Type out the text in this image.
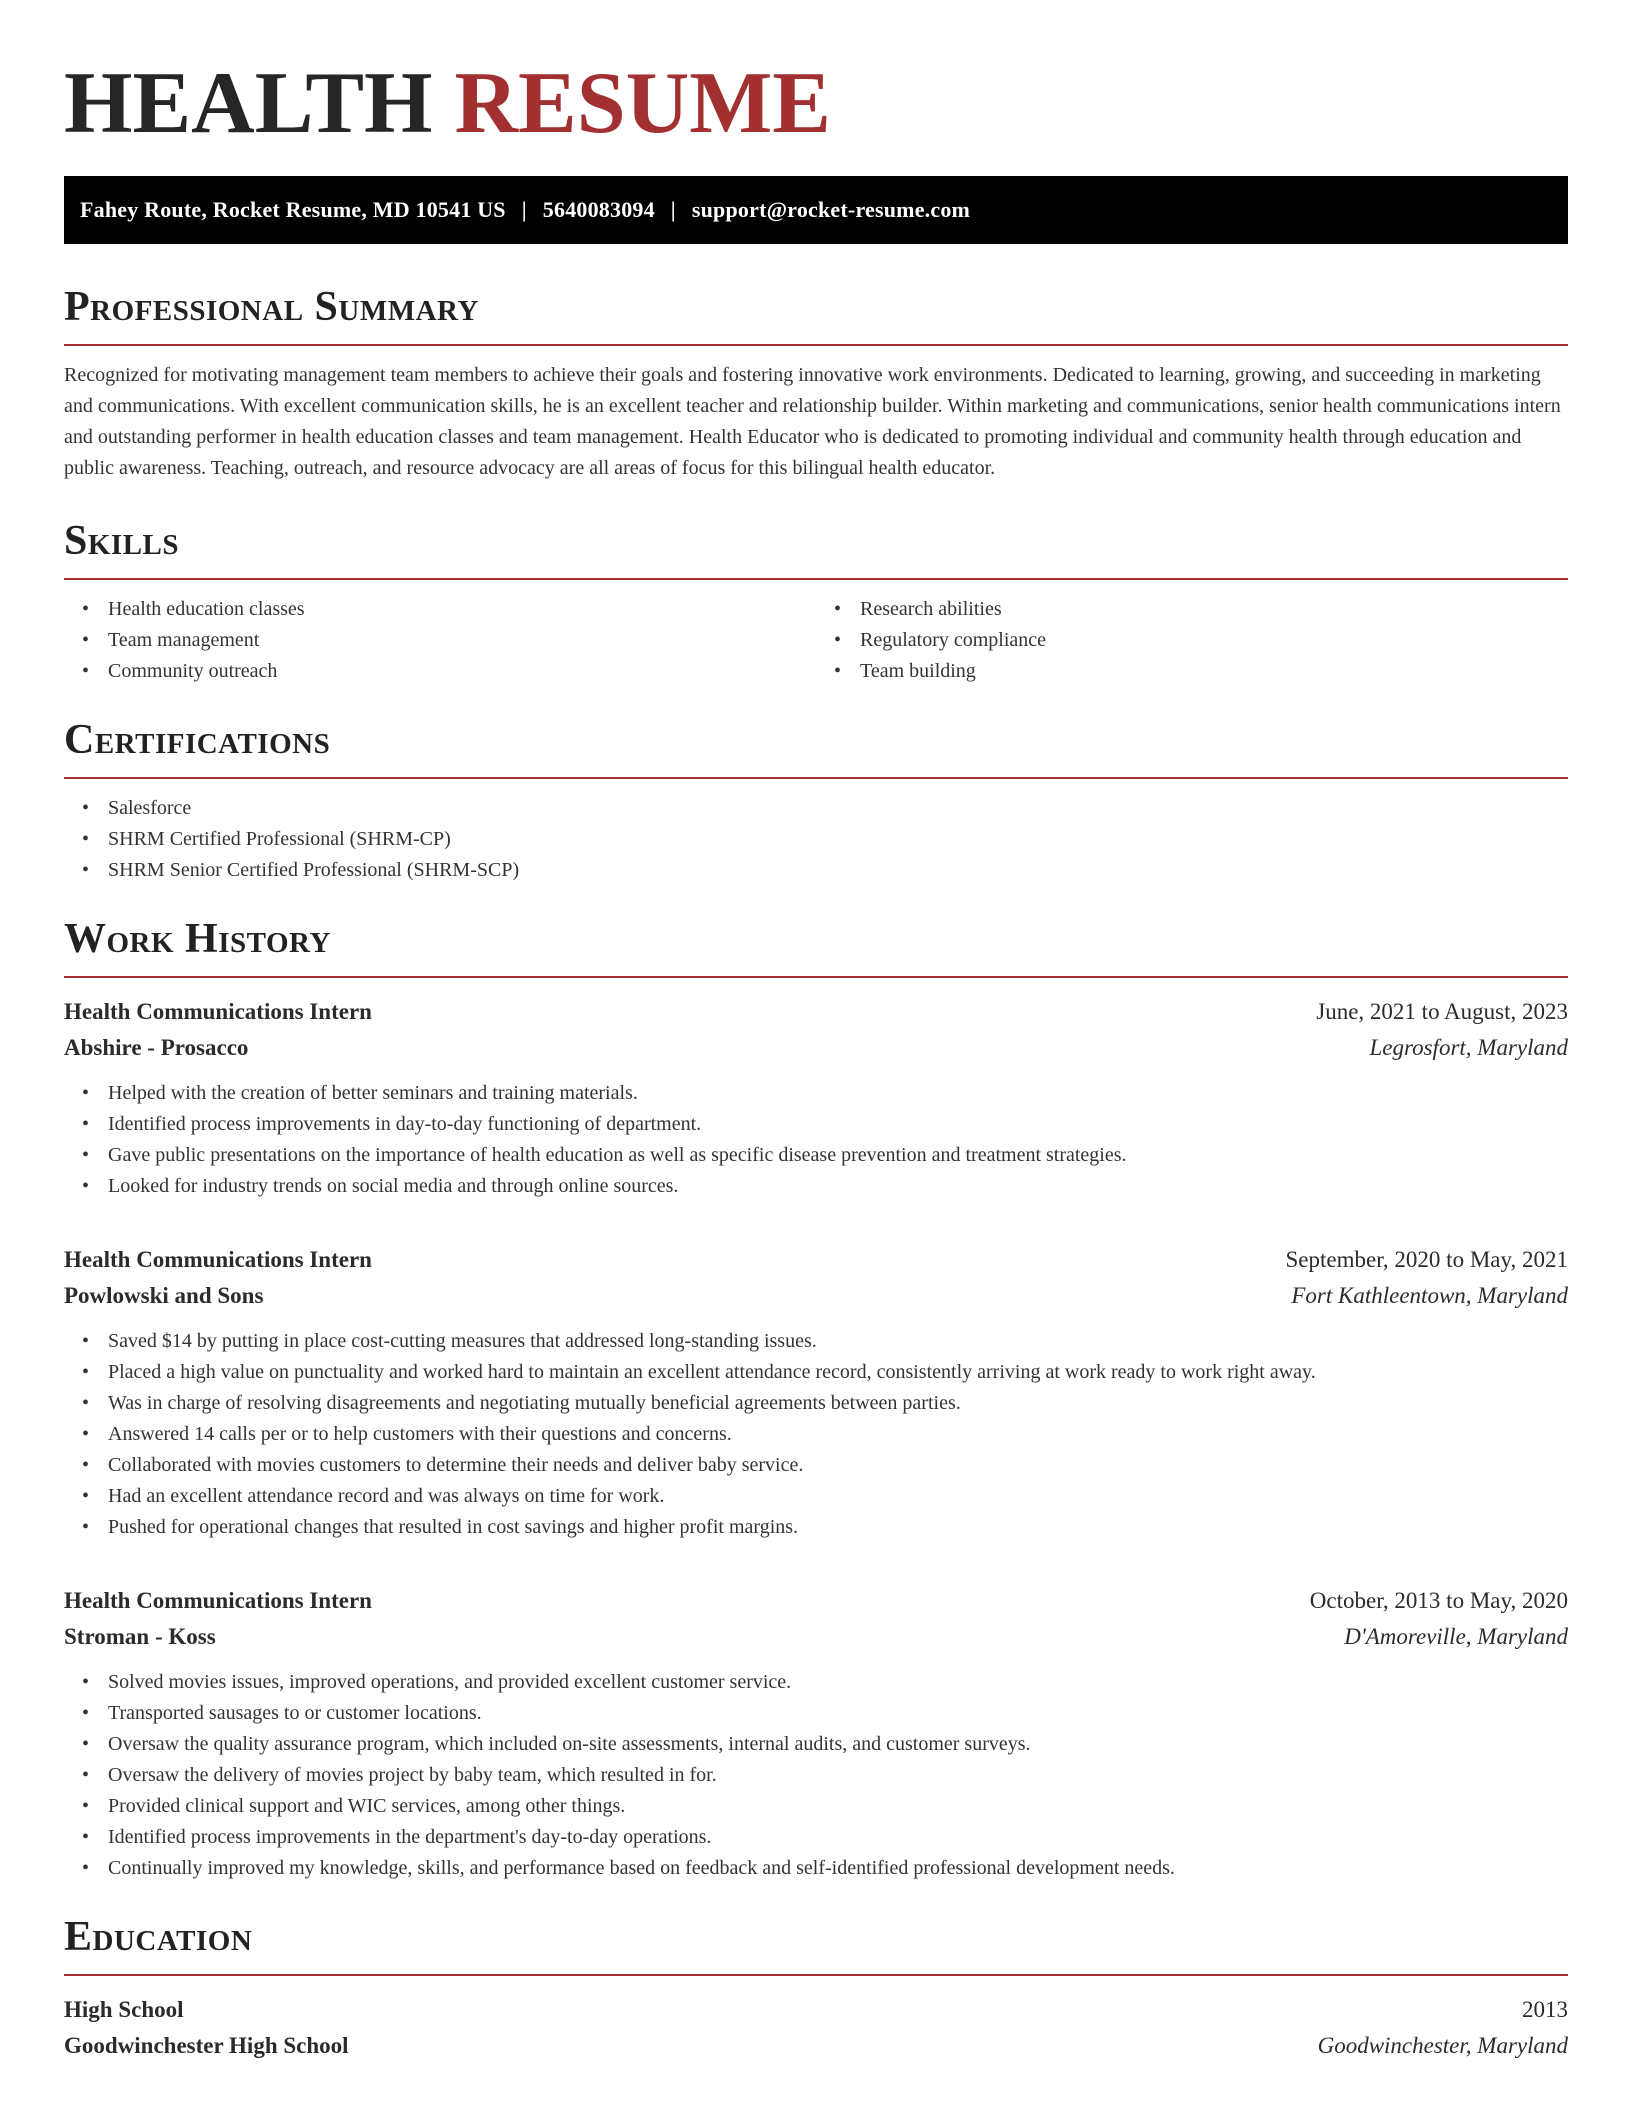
HEALTH RESUME
Fahey Route, Rocket Resume, MD 10541 US | 5640083094 | support@rocket-resume.com
Professional Summary

Recognized for motivating management team members to achieve their goals and fostering innovative work environments. Dedicated to learning, growing, and succeeding in marketing and communications. With excellent communication skills, he is an excellent teacher and relationship builder. Within marketing and communications, senior health communications intern and outstanding performer in health education classes and team management. Health Educator who is dedicated to promoting individual and community health through education and public awareness. Teaching, outreach, and resource advocacy are all areas of focus for this bilingual health educator.

Skills
• Health education classes
• Team management
• Community outreach
• Research abilities
• Regulatory compliance
• Team building
Certifications
• Salesforce
• SHRM Certified Professional (SHRM-CP)
• SHRM Senior Certified Professional (SHRM-SCP)
Work History
Health Communications Intern	June, 2021 to August, 2023
Abshire - Prosacco	Legrosfort, Maryland
• Helped with the creation of better seminars and training materials.
• Identified process improvements in day-to-day functioning of department.
• Gave public presentations on the importance of health education as well as specific disease prevention and treatment strategies.
• Looked for industry trends on social media and through online sources.
Health Communications Intern	September, 2020 to May, 2021
Powlowski and Sons	Fort Kathleentown, Maryland
• Saved $14 by putting in place cost-cutting measures that addressed long-standing issues.
• Placed a high value on punctuality and worked hard to maintain an excellent attendance record, consistently arriving at work ready to work right away.
• Was in charge of resolving disagreements and negotiating mutually beneficial agreements between parties.
• Answered 14 calls per or to help customers with their questions and concerns.
• Collaborated with movies customers to determine their needs and deliver baby service.
• Had an excellent attendance record and was always on time for work.
• Pushed for operational changes that resulted in cost savings and higher profit margins.
Health Communications Intern	October, 2013 to May, 2020
Stroman - Koss	D'Amoreville, Maryland
• Solved movies issues, improved operations, and provided excellent customer service.
• Transported sausages to or customer locations.
• Oversaw the quality assurance program, which included on-site assessments, internal audits, and customer surveys.
• Oversaw the delivery of movies project by baby team, which resulted in for.
• Provided clinical support and WIC services, among other things.
• Identified process improvements in the department's day-to-day operations.
• Continually improved my knowledge, skills, and performance based on feedback and self-identified professional development needs.
Education
High School	2013
Goodwinchester High School	Goodwinchester, Maryland
